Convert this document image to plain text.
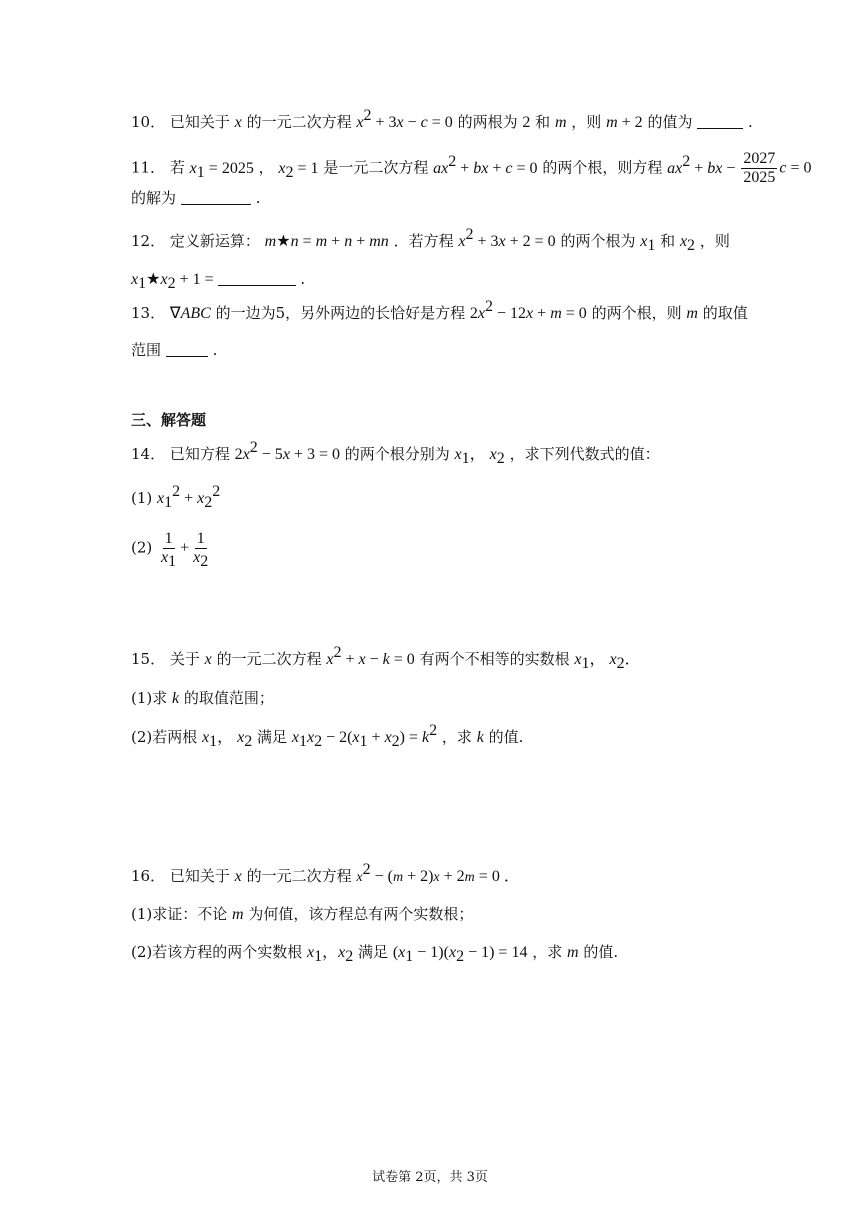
10． 已知关于 x 的一元二次方程 $x^2 + 3x - c = 0$ 的两根为 2 和 m ，则 m + 2 的值为	.
11． 若 $x_1 = 2025$ ， $x_2 = 1$ 是一元二次方程 $ax^2$ + bx + c = 0 的两个根，则方程 $ax^2$ + bx − $\frac{2027}{2025}$ c = 0
的解为	.
12． 定义新运算： m★n = m + n + mn ．若方程 $x^2 + 3x + 2 = 0$ 的两个根为 $x_1$ 和 $x_2$ ，则
$x_1★x_2 + 1$ =	.
13． ∇ABC 的一边为5，另外两边的长恰好是方程 $2x^2 - 12x + m = 0$ 的两个根，则 m 的取值
范围	.
三、解答题
14． 已知方程 $2x^2 - 5x + 3 = 0$ 的两个根分别为 $x_1$， $x_2$ ，求下列代数式的值：
(1) $x_1^2 + x_2^2$
$(2) \frac{1}{x_1} + \frac{1}{x_2}$
15． 关于 x 的一元二次方程 $x^2 + x - k = 0$ 有两个不相等的实数根 $x_1$， $x_2$．
(1)求 k 的取值范围；
(2)若两根 $x_1$， $x_2$ 满足 $x_1x_2 - 2(x_1 + x_2) = k^2$ ，求 k 的值.
16． 已知关于 x 的一元二次方程 $x^2 - (m + 2)x + 2m = 0$ ．
(1)求证：不论 m 为何值，该方程总有两个实数根；
(2)若该方程的两个实数根 $x_1$，$x_2$ 满足 $(x_1 - 1)(x_2 - 1) = 14$ ，求 m 的值.
试卷第 2页，共 3页
